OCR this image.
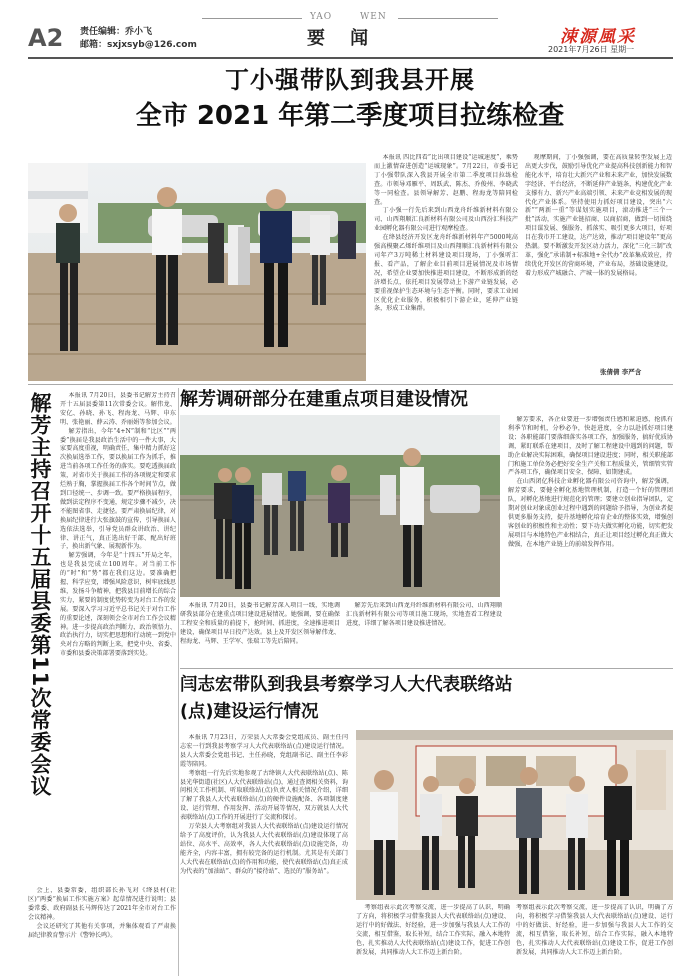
A2 责任编辑：乔小飞
邮箱：sxjxsyb@126.com
YAO	WEN
要    闻	涑源風采
2021年7月26日 星期一
丁小强带队到我县开展
全市 2021 年第二季度项目拉练检查

本报讯 四比四看”比出项目建设“运城速度”，乘势而上激情奋进创造“运城现象”。7月22日，市委书记丁小强带队深入我县开展全市第二季度项目拉练检查。市领导邓雁平、周跃武、陈杰、乔俊州、李晓武等一同检查。县领导解芳、赵鹏、程海龙等陪同检查。

丁小强一行先后来到山西龙舟纤维新材料有限公司、山西翔顺汇良新材料有限公司及山西汾汇科技产业园孵化器有限公司进行观摩检查。

在绛县经济开发区龙舟纤维新材料年产5000吨高强高模聚乙烯纤维项目及山西翔顺汇良新材料有限公司年产3万吨稀土材料建设项目现场，丁小强听汇报、看产品，了解企业目前项目进展情况及市场情况，希望企业要加快推进项目建设，不断形成新的经济增长点，依托项目发展带动上下游产业链发展，必要重视保护生态环境与生态平衡。同时，要求工业园区优化企业服务，积极相引下游企业，延伸产业链条，形成工业集群。

观摩期间，丁小强强调，要在高质量转型发展上迈出更大步伐，鼓励引导优化产业提高科技创新能力和智能化水平，培育壮大新兴产业和未来产业，加快发展数字经济、平台经济，不断延伸产业链条，构建优化产业支撑有力、新兴产业高端引领、未来产业竞相发展的现代化产业体系。坚持使用力抓好项目建设，突出“六新”“两新一重”等谋划实施项目，滚动推进“三个一批”活动，实施产业链招商、以商招商，做到一切围绕项目谋发展、强服务、抓落实、吸引更多大项目，好项目在我市开工建设，达产达效，推动“项目建设年”更高热潮。要不断激发开发区动力活力，深化“三化三制”改革，强化“承诺制+标准地+全代办”改革集成效应，持续优化开发区的营商环境，产业布局，基础设施建设，着力形成产城融合、产城一体的发展格局。

张倩倩 李严含
解芳主持召开十五届县委第11次常委会议	本报讯 7月20日，县委书记解芳主持召开十五届县委第11次常委会议。解伟龙、安亿、孙晓、孙飞、程海龙、马辉、申东明、张艳丽、薛云涛、乔丽娟等参加会议。

解芳指出，今年“4+N”制和“比区”“两委”换届是我县政治生活中的一件大事，大家要高度重视，明确责任，集中精力抓好这次换届选举工作，要以换届工作为抓手，推进当前各项工作任务的落实。要吃透换届政策，对省市关于换届工作的各项规定和要求烂熟于胸，掌握换届工作各个时间节点，做到口径统一、步调一致。要严格换届程序，做到法定程序不变通，规定步骤不减少，决不能图省事、走捷径。要严肃换届纪律，对换届纪律进行大张旗鼓的宣传，引导换届人选依法选举，引导党员群众讲政治、讲纪律、讲正气，真正选出好干部、配出好班子，换出新气象、展现新作为。

解芳强调，今年是“十四五”开局之年，也是我县完成立100周年。对当前工作的“时”和“势”都在我们这边。要准确把握、科学应变，增强风险意识，树牢底线思维，发扬斗争精神，把我县目前增长的综合实力，紧要的制度优势转变为对台工作的发展。要深入学习习近平总书记关于对台工作的重要论述，深刻领会全市对台工作会议精神。进一步提高政治判断力、政治领悟力、政治执行力，切实把思想和行动统一到党中央对台方略的判断上来，把党中央、省委、市委和县委决策部署要落到实处。

会上，县委常委，组织部长孙飞对《绛县村(社区)“两委”换届工作实施方案》起草情况进行说明；县委常委、政府副县长马辉传达了2021年全市对台工作会议精神。

会议还研究了其他有关事项，并集体观看了严肃换届纪律教育警示片《警钟长鸣》。

解芳调研部分在建重点项目建设情况

解芳要求，各企业要进一步增强责任感和紧迫感，抢抓有利季节和时机，分秒必争，快赶进度，全力以赴抓好项目建设；各职能部门要落细落实各项工作，加强服务，搞好优质协调，紧盯联系在建项目，及时了解工程建设中遇到的问题，帮助企业解决实际困难，确保项目建设进度；同时，相关职能部门和施工单位务必把好安全生产关和工程质量关，管细管实管严各项工作，确保项目安全、保障、如期建成。

在山西闭亿科技企业孵化器有限公司咨询中，解芳强调，解芳要求，要健全孵化基地管理机制，打造一个好的管理团队，对孵化基地进行规范化的管理；要建立创业指导团队，定期对创业对象成创业过程中遇到的问题给予指导，为创业者提供更多服务支持，提升基地孵化培育企业的整体实效，增强创客创业的积极性和主动性；要下功夫做实孵化功能，切实把发展项目与本地特色产业相结合，真正让项目经过孵化真正做大做强，在本地产业链上的前端发挥作用。

本报讯 7月20日，县委书记解芳深入项目一线，实地调研我县部分在建重点项目建设进展情况。她强调，要在确保工程安全和质量的前提下，抢时间、抓进度，全速推进项目建设，确保项目早日投产达效。县上及开发区领导解伟龙、程海龙、马辉、王学军、张瑞工等先后陪同。

解芳先后来到山西龙舟纤维新材料有限公司、山西翔顺汇良新材料有限公司等项目施工现场，实地查看工程建设进度，详细了解各项目建设推进情况。

闫志宏带队到我县考察学习人大代表联络站
(点)建设运行情况

本报讯 7月23日，万荣县人大常委会党组成员、副主任闫志宏一行到我县考察学习人大代表联络站(点)建设运行情况。县人大常委会党组书记、主任孙晓，党组副书记、副主任李彩霞等陪同。

考察组一行先后实地参观了古绛镇人大代表联络站(点)、陈县光华街道(社区)人大代表联络站(点)，通过查阅相关资料，询问相关工作机制、听取联络站(点)负责人相关情况介绍，详细了解了我县人大代表联络站(点)的硬件设施配备、各项制度建设、运行管理、作用发挥、活动开展等情况，双方就县人大代表联络站(点)工作的开展进行了交流和探讨。

万荣县人大考察组对我县人大代表联络站(点)建设运行情况给予了高度评价，认为我县人大代表联络站(点)建设体现了高站位、高水平、高效率，各人大代表联络站(点)设施完备，功能齐全，内容丰富，拥有较完备的运行机制。尤其是有关部门人大代表在联络站(点)的作用和功能，使代表联络站(点)真正成为代表的“加油站”、群众的“接待站”、选民的“服务站”。

考察组表示此次考察交流，进一步提高了认识，明确了方向，将积极学习借鉴我县人大代表联络站(点)建设、运行中的好做法、好经验，进一步加强与我县人大工作的交流，相互借鉴，取长补短，结合工作实际，融入本地特色，扎实推动人大代表联络站(点)建设工作，促进工作创新发展，共同推动人大工作迈上新台阶。

考察组表示此次考察交流，进一步提高了认识，明确了方向，将积极学习借鉴我县人大代表联络站(点)建设、运行中的好做法、好经验，进一步加强与我县人大工作的交流，相互借鉴，取长补短，结合工作实际，融入本地特色，扎实推动人大代表联络站(点)建设工作，促进工作创新发展，共同推动人大工作迈上新台阶。
